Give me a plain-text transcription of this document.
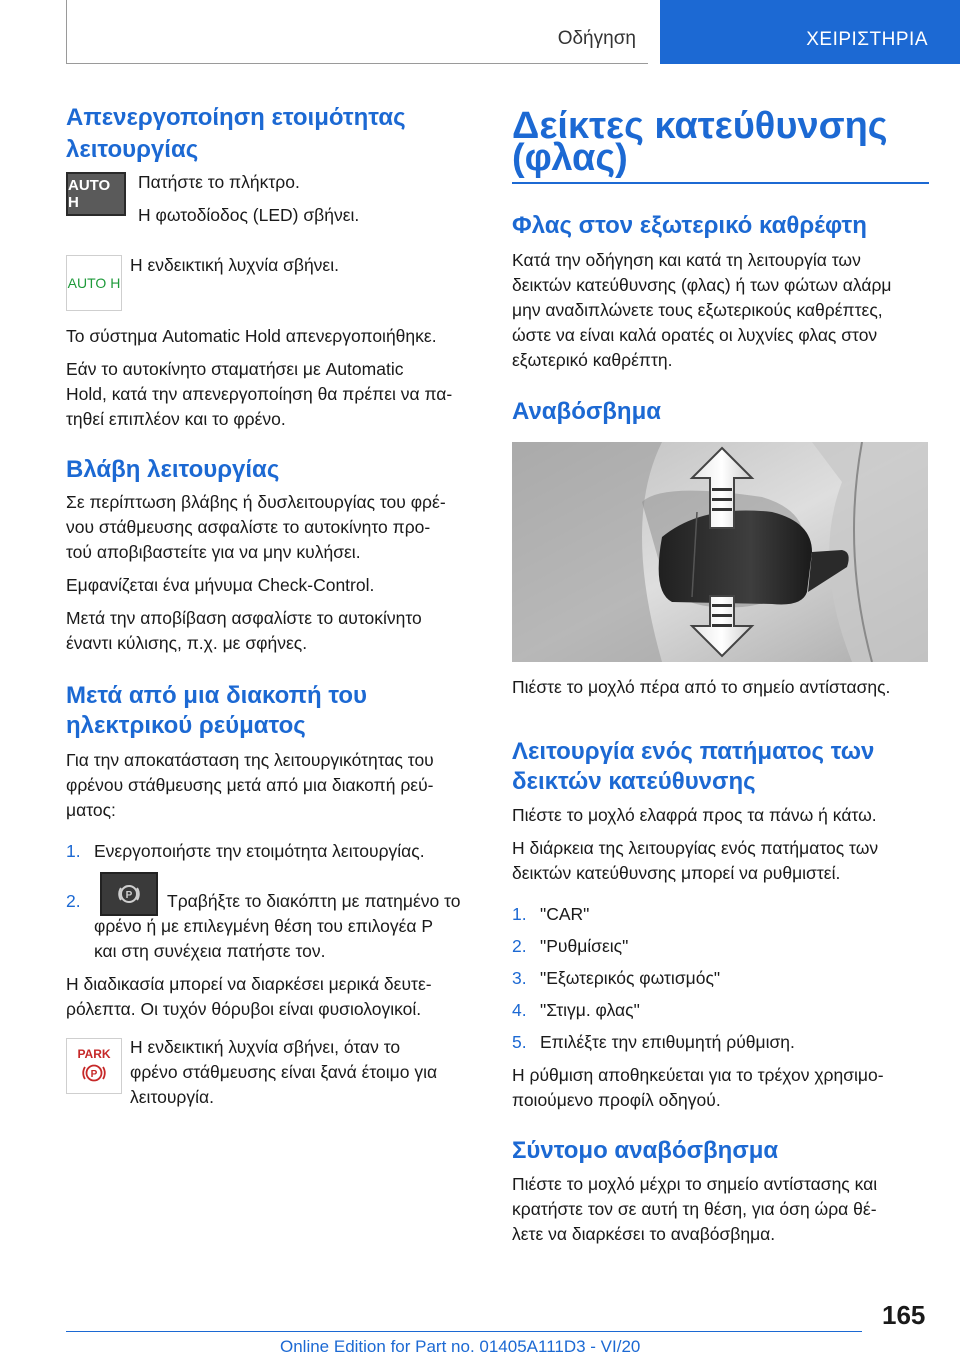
Οδήγηση	ΧΕΙΡΙΣΤΗΡΙΑ

Απενεργοποίηση ετοιμότητας λειτουργίας

AUTO H

Πατήστε το πλήκτρο.

Η φωτοδίοδος (LED) σβήνει.

AUTO H

Η ενδεικτική λυχνία σβήνει.

Το σύστημα Automatic Hold απενεργοποιήθηκε.

Εάν το αυτοκίνητο σταματήσει με Automatic

Hold, κατά την απενεργοποίηση θα πρέπει να πα‐

τηθεί επιπλέον και το φρένο.

Βλάβη λειτουργίας

Σε περίπτωση βλάβης ή δυσλειτουργίας του φρέ‐

νου στάθμευσης ασφαλίστε το αυτοκίνητο προ‐

τού αποβιβαστείτε για να μην κυλήσει.

Εμφανίζεται ένα μήνυμα Check-Control.

Μετά την αποβίβαση ασφαλίστε το αυτοκίνητο

έναντι κύλισης, π.χ. με σφήνες.

Μετά από μια διακοπή του

ηλεκτρικού ρεύματος

Για την αποκατάσταση της λειτουργικότητας του

φρένου στάθμευσης μετά από μια διακοπή ρεύ‐

ματος:

1. Ενεργοποιήστε την ετοιμότητα λειτουργίας.

2.	P Τραβήξτε το διακόπτη με πατημένο το

φρένο ή με επιλεγμένη θέση του επιλογέα P

και στη συνέχεια πατήστε τον.

Η διαδικασία μπορεί να διαρκέσει μερικά δευτε‐

ρόλεπτα. Οι τυχόν θόρυβοι είναι φυσιολογικοί.

PARK
P

Η ενδεικτική λυχνία σβήνει, όταν το

φρένο στάθμευσης είναι ξανά έτοιμο για

λειτουργία.

Δείκτες κατεύθυνσης

(φλας)

Φλας στον εξωτερικό καθρέφτη

Κατά την οδήγηση και κατά τη λειτουργία των

δεικτών κατεύθυνσης (φλας) ή των φώτων αλάρμ

μην αναδιπλώνετε τους εξωτερικούς καθρέπτες,

ώστε να είναι καλά ορατές οι λυχνίες φλας στον

εξωτερικό καθρέπτη.

Αναβόσβημα

Πιέστε το μοχλό πέρα από το σημείο αντίστασης.

Λειτουργία ενός πατήματος των

δεικτών κατεύθυνσης

Πιέστε το μοχλό ελαφρά προς τα πάνω ή κάτω.

Η διάρκεια της λειτουργίας ενός πατήματος των

δεικτών κατεύθυνσης μπορεί να ρυθμιστεί.

1. "CAR"

2. "Ρυθμίσεις"

3. "Εξωτερικός φωτισμός"

4. "Στιγμ. φλας"

5. Επιλέξτε την επιθυμητή ρύθμιση.

Η ρύθμιση αποθηκεύεται για το τρέχον χρησιμο‐

ποιούμενο προφίλ οδηγού.

Σύντομο αναβόσβησμα

Πιέστε το μοχλό μέχρι το σημείο αντίστασης και

κρατήστε τον σε αυτή τη θέση, για όση ώρα θέ‐

λετε να διαρκέσει το αναβόσβημα.

165
Online Edition for Part no. 01405A111D3 - VI/20
